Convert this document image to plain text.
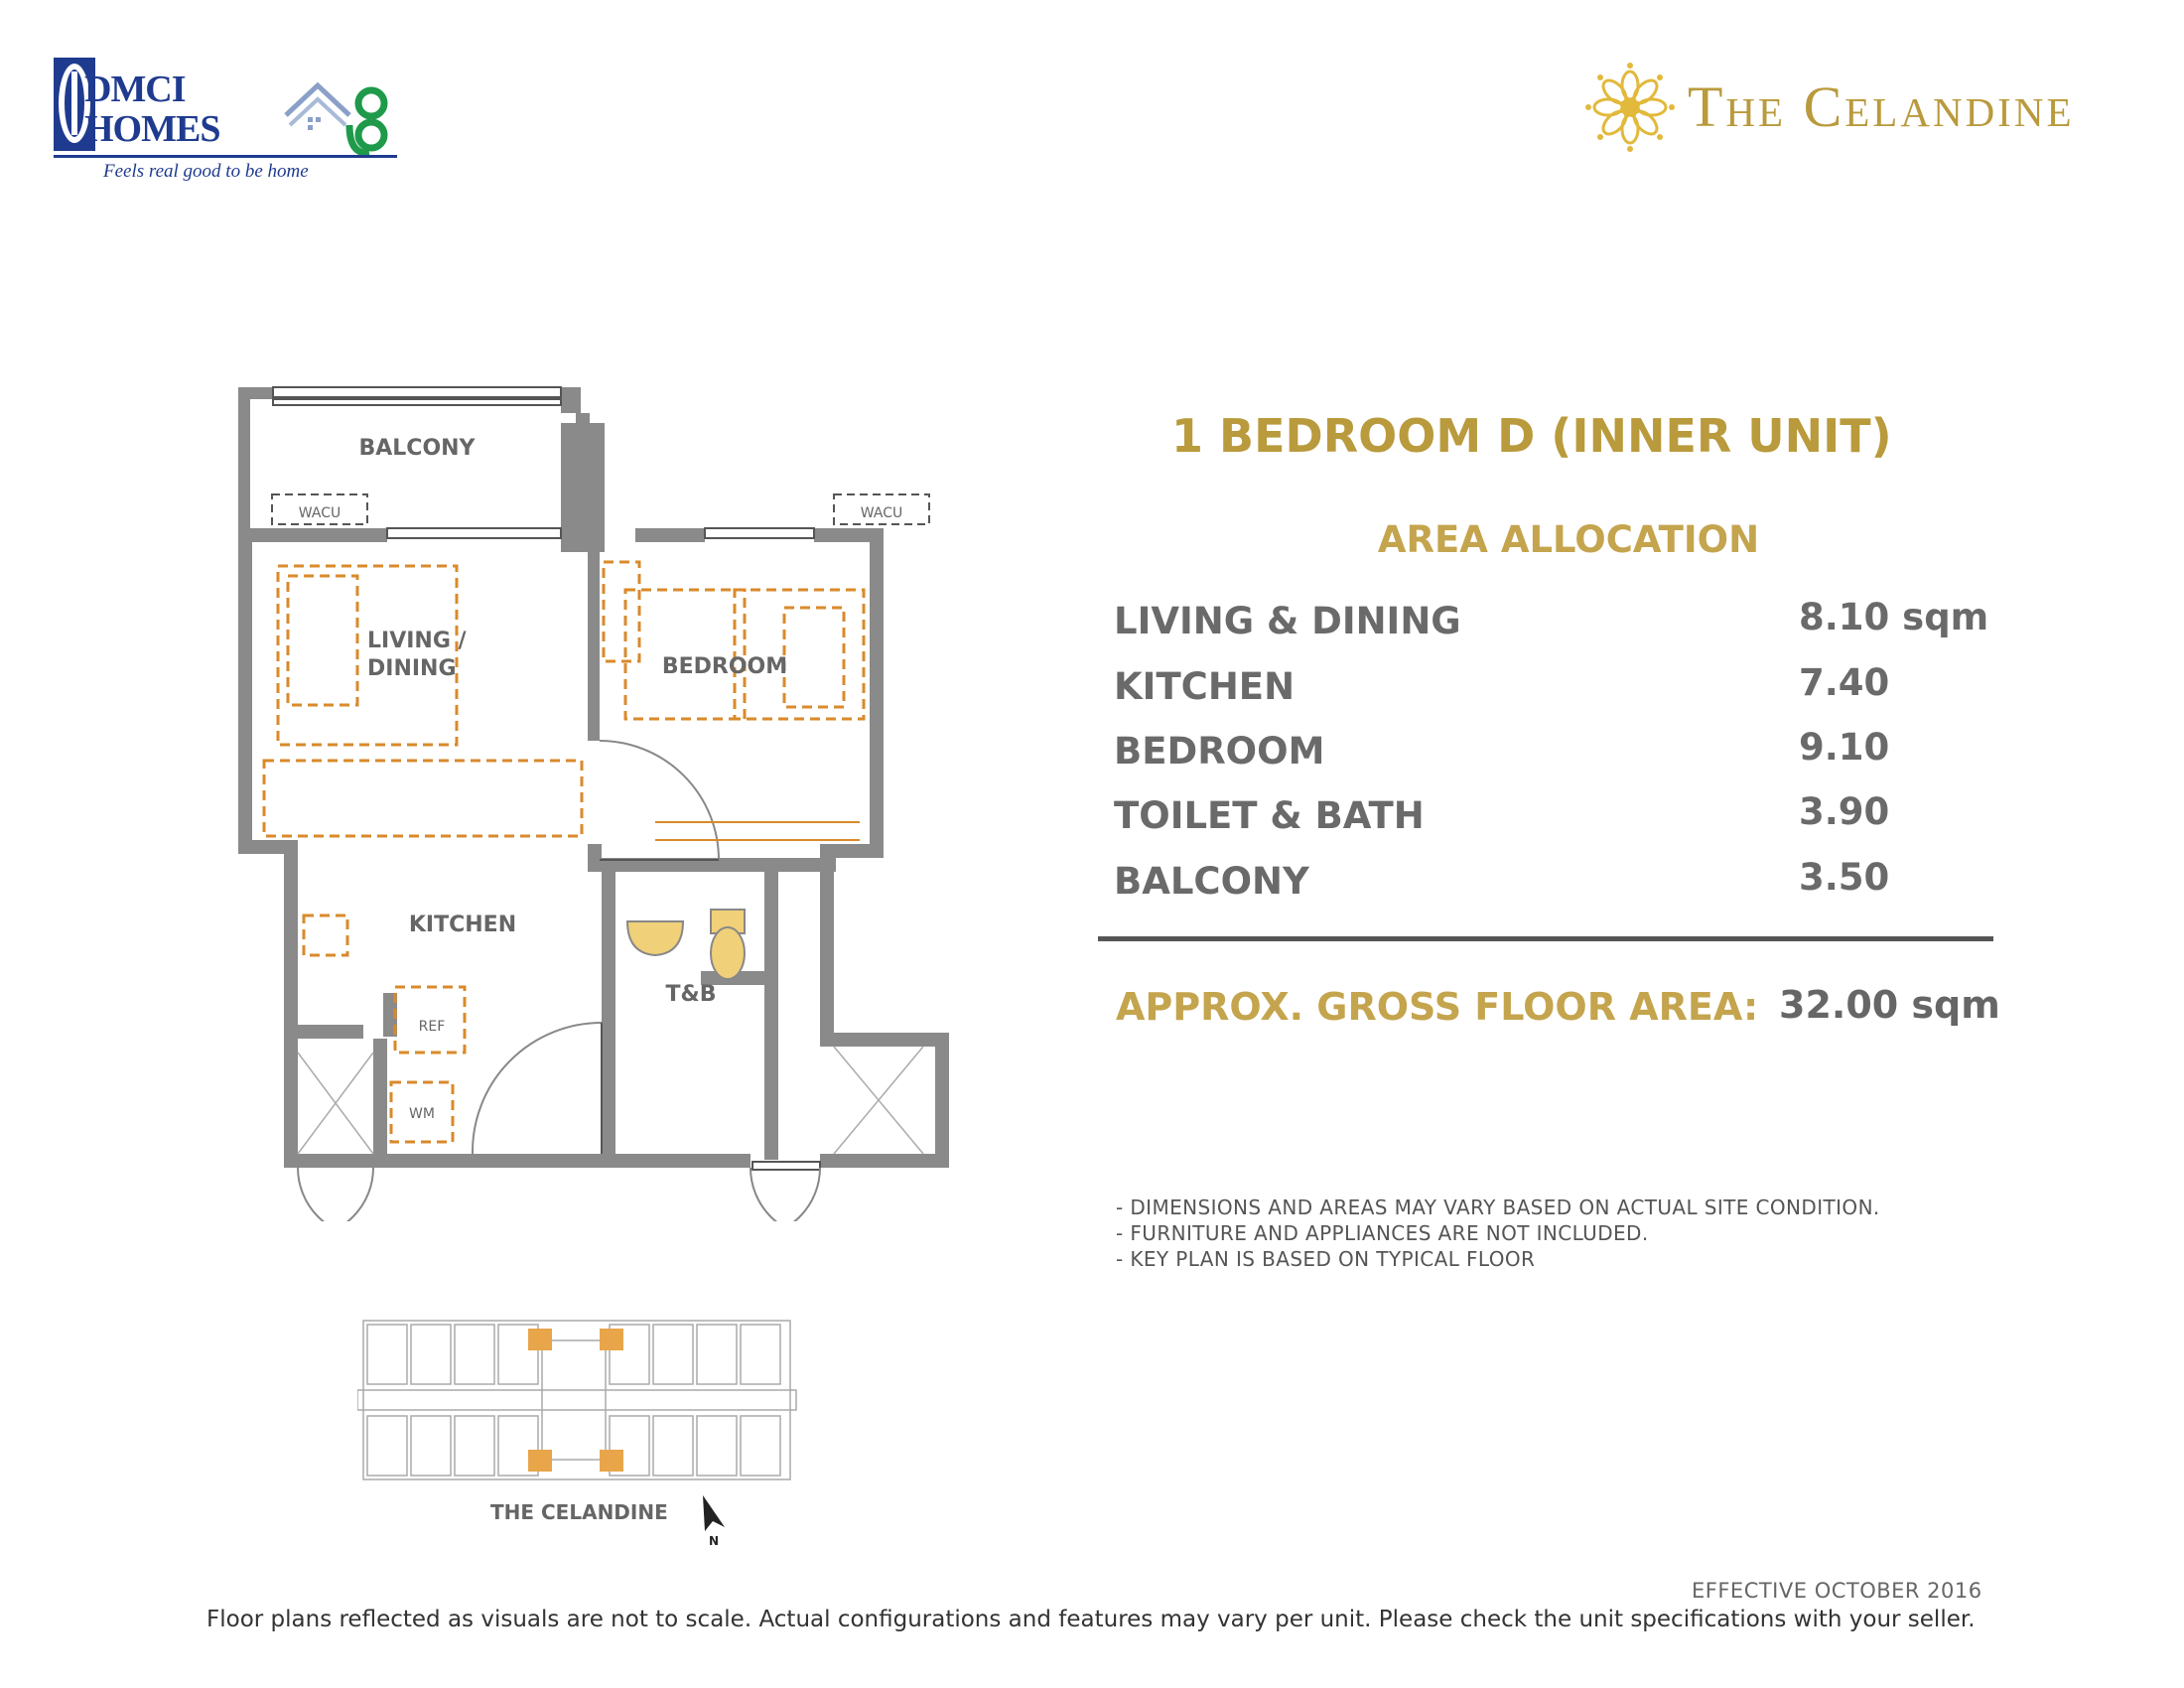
DMCI
HOMES
Feels real good to be home
The Celandine
BALCONY
WACU	WACU
LIVING /
DINING	BEDROOM
KITCHEN
T&B
REF
WM
1 BEDROOM D (INNER UNIT)
AREA ALLOCATION
LIVING & DINING	8.10 sqm
KITCHEN	7.40
BEDROOM	9.10
TOILET & BATH	3.90
BALCONY	3.50
APPROX. GROSS FLOOR AREA: 32.00 sqm
- DIMENSIONS AND AREAS MAY VARY BASED ON ACTUAL SITE CONDITION.
- FURNITURE AND APPLIANCES ARE NOT INCLUDED.
- KEY PLAN IS BASED ON TYPICAL FLOOR
THE CELANDINE
N
EFFECTIVE OCTOBER 2016
Floor plans reflected as visuals are not to scale. Actual configurations and features may vary per unit. Please check the unit specifications with your seller.
